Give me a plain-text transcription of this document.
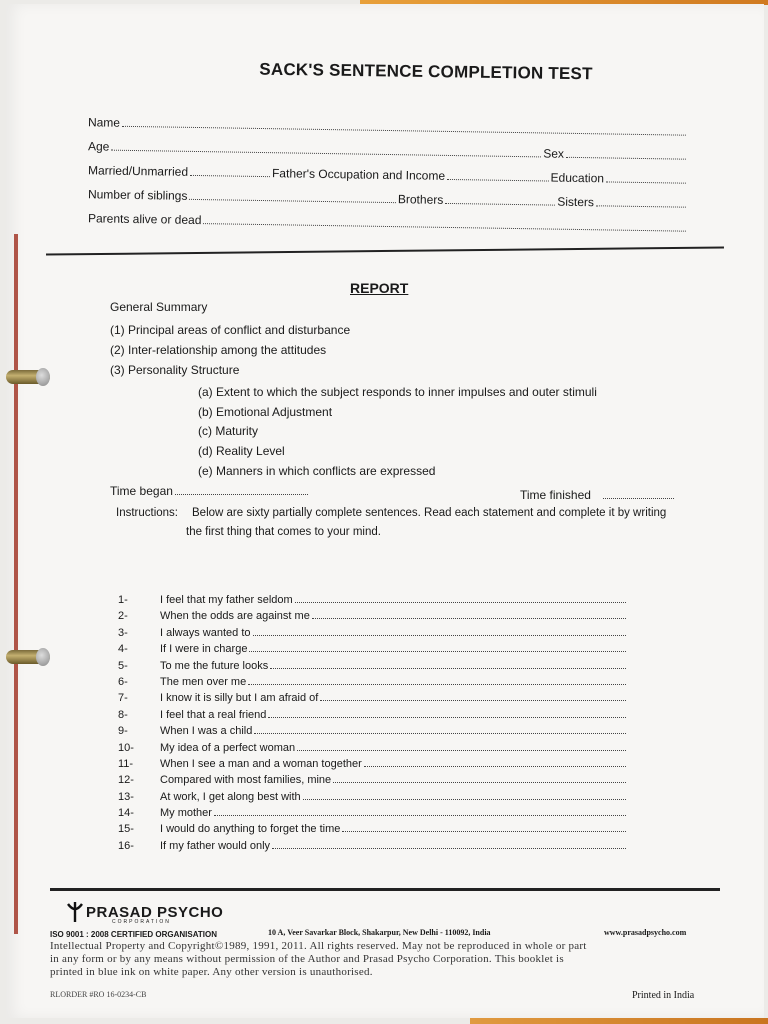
SACK'S SENTENCE COMPLETION TEST
Name
Age	Sex
Married/Unmarried	Father's Occupation and Income	Education
Number of siblings	Brothers	Sisters
Parents alive or dead
REPORT
General Summary
(1) Principal areas of conflict and disturbance
(2) Inter-relationship among the attitudes
(3) Personality Structure
(a) Extent to which the subject responds to inner impulses and outer stimuli
(b) Emotional Adjustment
(c) Maturity
(d) Reality Level
(e) Manners in which conflicts are expressed
Time began	Time finished
Instructions: Below are sixty partially complete sentences. Read each statement and complete it by writing
the first thing that comes to your mind.
1-	I feel that my father seldom
2-	When the odds are against me
3-	I always wanted to
4-	If I were in charge
5-	To me the future looks
6-	The men over me
7-	I know it is silly but I am afraid of
8-	I feel that a real friend
9-	When I was a child
10-	My idea of a perfect woman
11-	When I see a man and a woman together
12-	Compared with most families, mine
13-	At work, I get along best with
14-	My mother
15-	I would do anything to forget the time
16-	If my father would only
PRASAD PSYCHO
CORPORATION
ISO 9001 : 2008 CERTIFIED ORGANISATION	10 A, Veer Savarkar Block, Shakarpur, New Delhi - 110092, India	www.prasadpsycho.com
Intellectual Property and Copyright©1989, 1991, 2011. All rights reserved. May not be reproduced in whole or part
in any form or by any means without permission of the Author and Prasad Psycho Corporation. This booklet is
printed in blue ink on white paper. Any other version is unauthorised.
RLORDER #RO 16-0234-CB	Printed in India
